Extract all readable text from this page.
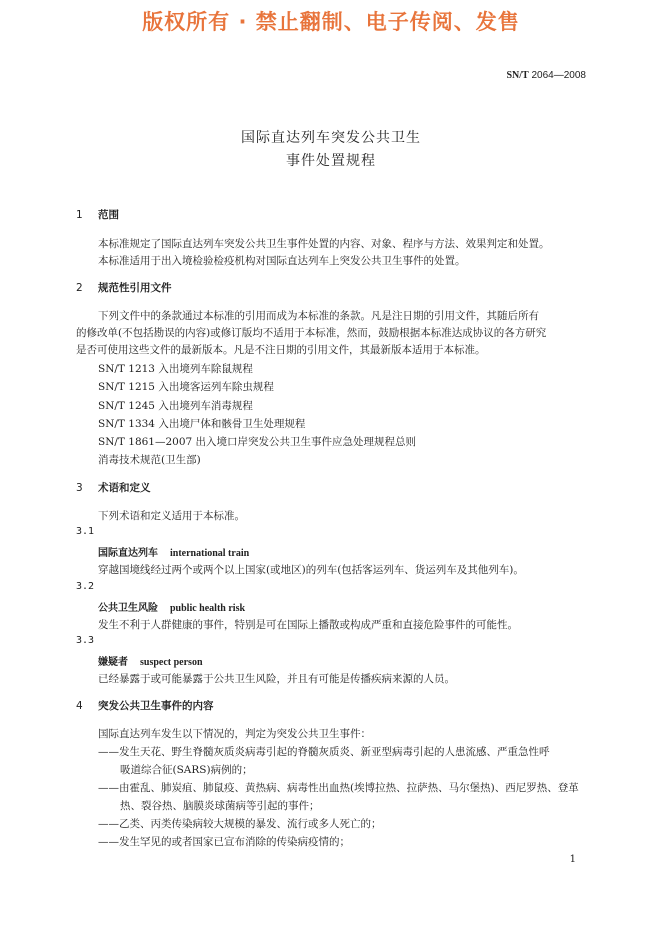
版权所有 · 禁止翻制、电子传阅、发售
SN/T 2064—2008
国际直达列车突发公共卫生
事件处置规程
1 范围
本标准规定了国际直达列车突发公共卫生事件处置的内容、对象、程序与方法、效果判定和处置。
本标准适用于出入境检验检疫机构对国际直达列车上突发公共卫生事件的处置。
2 规范性引用文件
下列文件中的条款通过本标准的引用而成为本标准的条款。凡是注日期的引用文件，其随后所有
的修改单(不包括勘误的内容)或修订版均不适用于本标准，然而，鼓励根据本标准达成协议的各方研究
是否可使用这些文件的最新版本。凡是不注日期的引用文件，其最新版本适用于本标准。
SN/T 1213 入出境列车除鼠规程
SN/T 1215 入出境客运列车除虫规程
SN/T 1245 入出境列车消毒规程
SN/T 1334 入出境尸体和骸骨卫生处理规程
SN/T 1861—2007 出入境口岸突发公共卫生事件应急处理规程总则
消毒技术规范(卫生部)
3 术语和定义
下列术语和定义适用于本标准。
3.1
国际直达列车 international train
穿越国境线经过两个或两个以上国家(或地区)的列车(包括客运列车、货运列车及其他列车)。
3.2
公共卫生风险 public health risk
发生不利于人群健康的事件，特别是可在国际上播散或构成严重和直接危险事件的可能性。
3.3
嫌疑者 suspect person
已经暴露于或可能暴露于公共卫生风险，并且有可能是传播疾病来源的人员。
4 突发公共卫生事件的内容
国际直达列车发生以下情况的，判定为突发公共卫生事件：
——发生天花、野生脊髓灰质炎病毒引起的脊髓灰质炎、新亚型病毒引起的人患流感、严重急性呼
吸道综合征(SARS)病例的；
——由霍乱、肺炭疽、肺鼠疫、黄热病、病毒性出血热(埃博拉热、拉萨热、马尔堡热)、西尼罗热、登革
热、裂谷热、脑膜炎球菌病等引起的事件；
——乙类、丙类传染病较大规模的暴发、流行或多人死亡的；
——发生罕见的或者国家已宣布消除的传染病疫情的；
1
